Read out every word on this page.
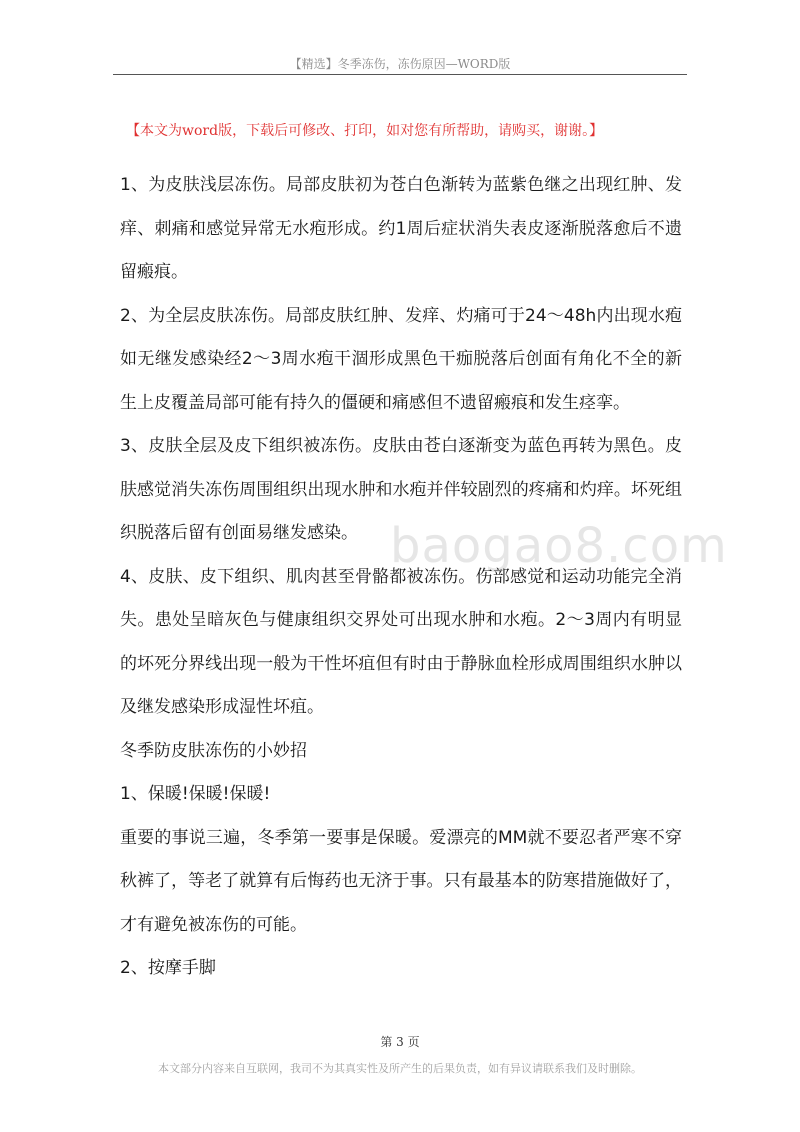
【精选】冬季冻伤，冻伤原因—WORD版
【本文为word版，下载后可修改、打印，如对您有所帮助，请购买，谢谢。】
baogao8.com

1、为皮肤浅层冻伤。局部皮肤初为苍白色渐转为蓝紫色继之出现红肿、发痒、刺痛和感觉异常无水疱形成。约1周后症状消失表皮逐渐脱落愈后不遗留瘢痕。

2、为全层皮肤冻伤。局部皮肤红肿、发痒、灼痛可于24～48h内出现水疱如无继发感染经2～3周水疱干涸形成黑色干痂脱落后创面有角化不全的新生上皮覆盖局部可能有持久的僵硬和痛感但不遗留瘢痕和发生痉挛。

3、皮肤全层及皮下组织被冻伤。皮肤由苍白逐渐变为蓝色再转为黑色。皮肤感觉消失冻伤周围组织出现水肿和水疱并伴较剧烈的疼痛和灼痒。坏死组织脱落后留有创面易继发感染。

4、皮肤、皮下组织、肌肉甚至骨骼都被冻伤。伤部感觉和运动功能完全消失。患处呈暗灰色与健康组织交界处可出现水肿和水疱。2～3周内有明显的坏死分界线出现一般为干性坏疽但有时由于静脉血栓形成周围组织水肿以及继发感染形成湿性坏疽。

冬季防皮肤冻伤的小妙招

1、保暖!保暖!保暖!

重要的事说三遍，冬季第一要事是保暖。爱漂亮的MM就不要忍者严寒不穿秋裤了，等老了就算有后悔药也无济于事。只有最基本的防寒措施做好了，才有避免被冻伤的可能。

2、按摩手脚

第 3 页
本文部分内容来自互联网，我司不为其真实性及所产生的后果负责，如有异议请联系我们及时删除。
